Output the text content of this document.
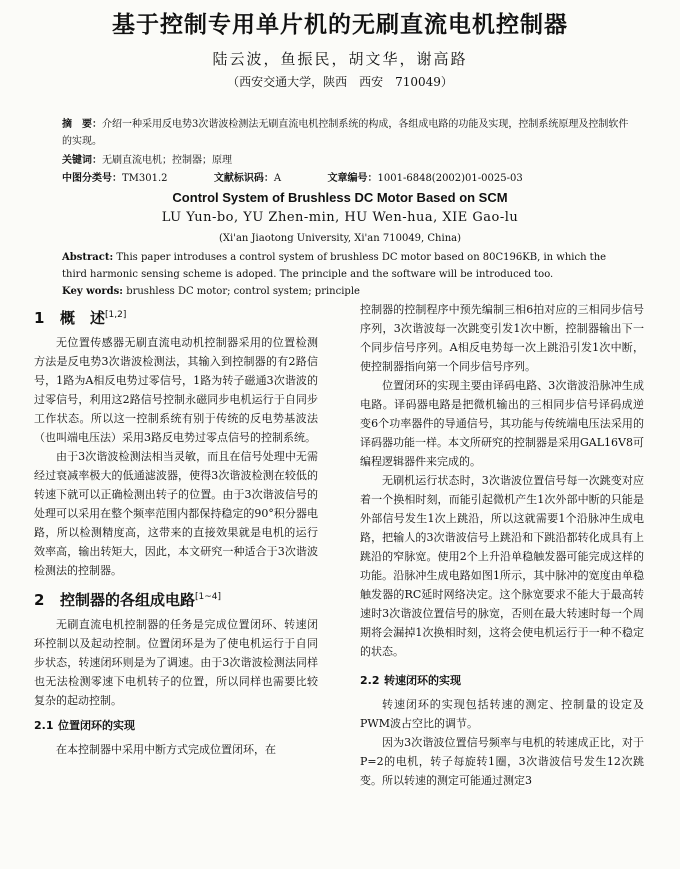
基于控制专用单片机的无刷直流电机控制器
陆云波，鱼振民，胡文华，谢高路
（西安交通大学，陕西　西安　710049）
摘　要：介绍一种采用反电势3次谐波检测法无刷直流电机控制系统的构成，各组成电路的功能及实现，控制系统原理及控制软件的实现。
关键词：无刷直流电机；控制器；原理
中图分类号：TM301.2	文献标识码：A	文章编号：1001-6848(2002)01-0025-03
Control System of Brushless DC Motor Based on SCM
LU Yun-bo, YU Zhen-min, HU Wen-hua, XIE Gao-lu
(Xi'an Jiaotong University, Xi'an 710049, China)
Abstract: This paper introduses a control system of brushless DC motor based on 80C196KB, in which the third harmonic sensing scheme is adoped. The principle and the software will be introduced too.
Key words: brushless DC motor; control system; principle
1 概　述[1,2]

无位置传感器无刷直流电动机控制器采用的位置检测方法是反电势3次谐波检测法，其输入到控制器的有2路信号，1路为A相反电势过零信号，1路为转子磁通3次谐波的过零信号，利用这2路信号控制永磁同步电机运行于自同步工作状态。所以这一控制系统有别于传统的反电势基波法（也叫端电压法）采用3路反电势过零点信号的控制系统。

由于3次谐波检测法相当灵敏，而且在信号处理中无需经过衰减率极大的低通滤波器，使得3次谐波检测在较低的转速下就可以正确检测出转子的位置。由于3次谐波信号的处理可以采用在整个频率范围内都保持稳定的90°积分器电路，所以检测精度高，这带来的直接效果就是电机的运行效率高，输出转矩大，因此，本文研究一种适合于3次谐波检测法的控制器。

2 控制器的各组成电路[1~4]

无刷直流电机控制器的任务是完成位置闭环、转速闭环控制以及起动控制。位置闭环是为了使电机运行于自同步状态，转速闭环则是为了调速。由于3次谐波检测法同样也无法检测零速下电机转子的位置，所以同样也需要比较复杂的起动控制。

2.1 位置闭环的实现

在本控制器中采用中断方式完成位置闭环，在

控制器的控制程序中预先编制三相6拍对应的三相同步信号序列，3次谐波每一次跳变引发1次中断，控制器输出下一个同步信号序列。A相反电势每一次上跳沿引发1次中断，使控制器指向第一个同步信号序列。

位置闭环的实现主要由译码电路、3次谐波沿脉冲生成电路。译码器电路是把微机输出的三相同步信号译码成逆变6个功率器件的导通信号，其功能与传统端电压法采用的译码器功能一样。本文所研究的控制器是采用GAL16V8可编程逻辑器件来完成的。

无刷机运行状态时，3次谐波位置信号每一次跳变对应着一个换相时刻，而能引起微机产生1次外部中断的只能是外部信号发生1次上跳沿，所以这就需要1个沿脉冲生成电路，把输人的3次谐波信号上跳沿和下跳沿都转化成具有上跳沿的窄脉宽。使用2个上升沿单稳触发器可能完成这样的功能。沿脉冲生成电路如图1所示，其中脉冲的宽度由单稳触发器的RC延时网络决定。这个脉宽要求不能大于最高转速时3次谐波位置信号的脉宽，否则在最大转速时每一个周期将会漏掉1次换相时刻，这将会使电机运行于一种不稳定的状态。

2.2 转速闭环的实现

转速闭环的实现包括转速的测定、控制量的设定及PWM波占空比的调节。

因为3次谐波位置信号频率与电机的转速成正比，对于P=2的电机，转子每旋转1圈，3次谐波信号发生12次跳变。所以转速的测定可能通过测定3
